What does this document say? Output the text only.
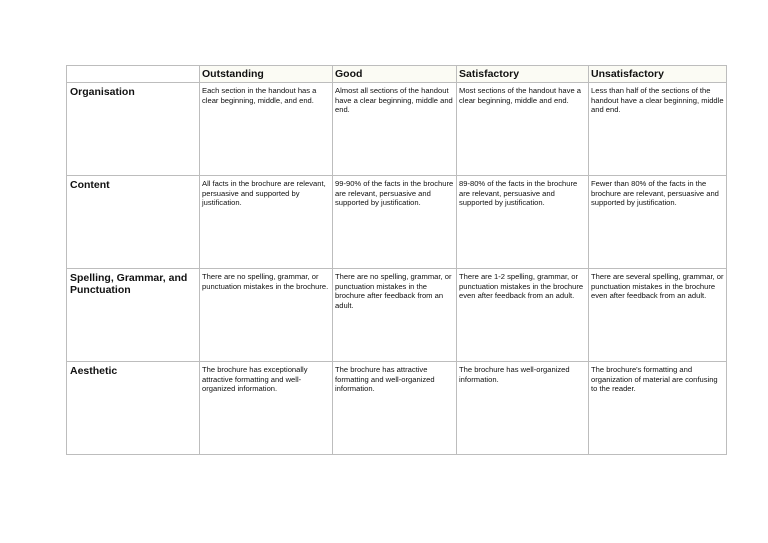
	Outstanding	Good	Satisfactory	Unsatisfactory

Organisation	Each section in the handout has a clear beginning, middle, and end.	Almost all sections of the handout have a clear beginning, middle and end.	Most sections of the handout have a clear beginning, middle and end.	Less than half of the sections of the handout have a clear beginning, middle and end.

Content	All facts in the brochure are relevant, persuasive and supported by justification.	99-90% of the facts in the brochure are relevant, persuasive and supported by justification.	89-80% of the facts in the brochure are relevant, persuasive and supported by justification.	Fewer than 80% of the facts in the brochure are relevant, persuasive and supported by justification.

Spelling, Grammar, and Punctuation	There are no spelling, grammar, or punctuation mistakes in the brochure.	There are no spelling, grammar, or punctuation mistakes in the brochure after feedback from an adult.	There are 1-2 spelling, grammar, or punctuation mistakes in the brochure even after feedback from an adult.	There are several spelling, grammar, or punctuation mistakes in the brochure even after feedback from an adult.

Aesthetic	The brochure has exceptionally attractive formatting and well-organized information.	The brochure has attractive formatting and well-organized information.	The brochure has well-organized information.	The brochure's formatting and organization of material are confusing to the reader.
